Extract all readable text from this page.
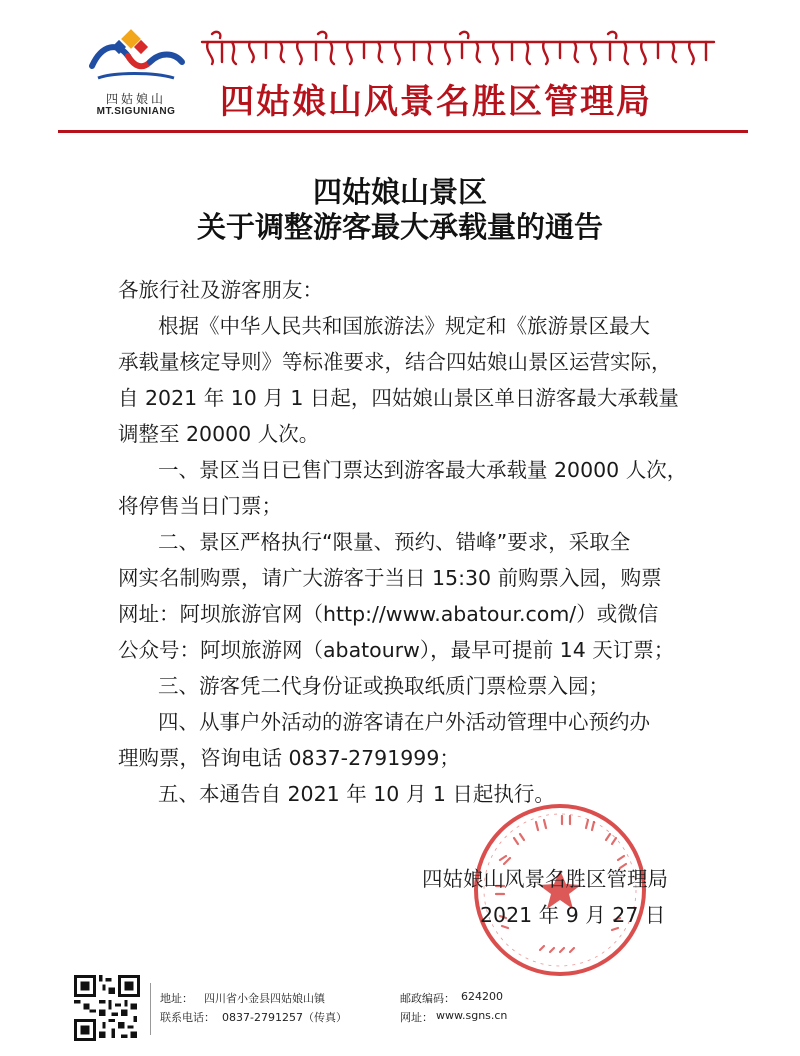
四姑娘山
MT.SIGUNIANG	四姑娘山风景名胜区管理局
四姑娘山景区
关于调整游客最大承载量的通告
各旅行社及游客朋友：
根据《中华人民共和国旅游法》规定和《旅游景区最大
承载量核定导则》等标准要求，结合四姑娘山景区运营实际，
自 2021 年 10 月 1 日起，四姑娘山景区单日游客最大承载量
调整至 20000 人次。
一、景区当日已售门票达到游客最大承载量 20000 人次，
将停售当日门票；
二、景区严格执行“限量、预约、错峰”要求，采取全
网实名制购票，请广大游客于当日 15:30 前购票入园，购票
网址：阿坝旅游官网（http://www.abatour.com/）或微信
公众号：阿坝旅游网（abatourw），最早可提前 14 天订票；
三、游客凭二代身份证或换取纸质门票检票入园；
四、从事户外活动的游客请在户外活动管理中心预约办
理购票，咨询电话 0837-2791999；
五、本通告自 2021 年 10 月 1 日起执行。
四姑娘山风景名胜区管理局
2021 年 9 月 27 日
地址： 四川省小金县四姑娘山镇
联系电话： 0837-2791257（传真）
邮政编码： 624200
网址： www.sgns.cn
